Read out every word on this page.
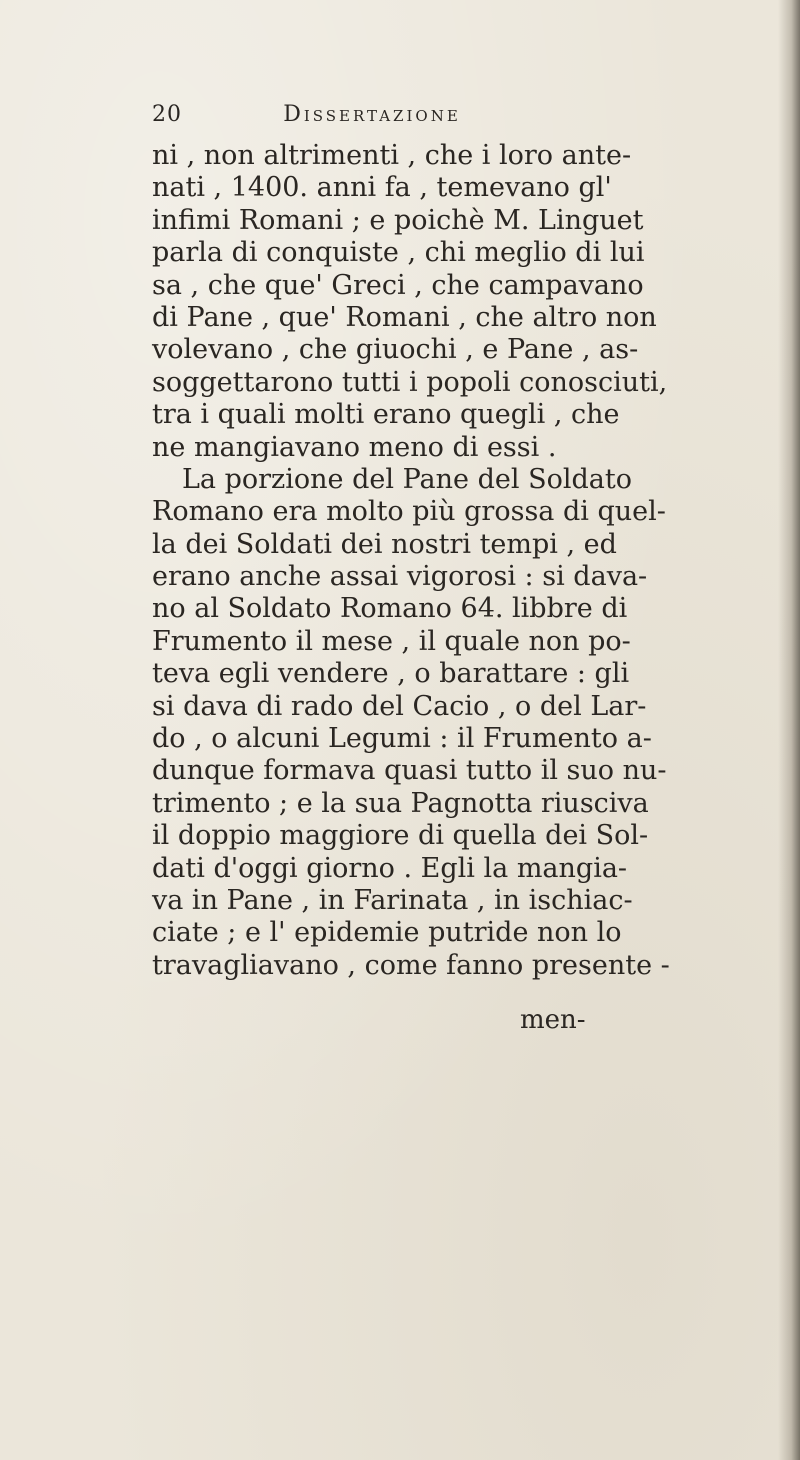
20	Dissertazione
ni , non altrimenti , che i loro ante-
nati , 1400. anni fa , temevano gl'
infimi Romani ; e poichè M. Linguet
parla di conquiste , chi meglio di lui
sa , che que' Greci , che campavano
di Pane , que' Romani , che altro non
volevano , che giuochi , e Pane , as-
soggettarono tutti i popoli conosciuti,
tra i quali molti erano quegli , che
ne mangiavano meno di essi .
La porzione del Pane del Soldato
Romano era molto più grossa di quel-
la dei Soldati dei nostri tempi , ed
erano anche assai vigorosi : si dava-
no al Soldato Romano 64. libbre di
Frumento il mese , il quale non po-
teva egli vendere , o barattare : gli
si dava di rado del Cacio , o del Lar-
do , o alcuni Legumi : il Frumento a-
dunque formava quasi tutto il suo nu-
trimento ; e la sua Pagnotta riusciva
il doppio maggiore di quella dei Sol-
dati d'oggi giorno . Egli la mangia-
va in Pane , in Farinata , in ischiac-
ciate ; e l' epidemie putride non lo
travagliavano , come fanno presente -
men-
